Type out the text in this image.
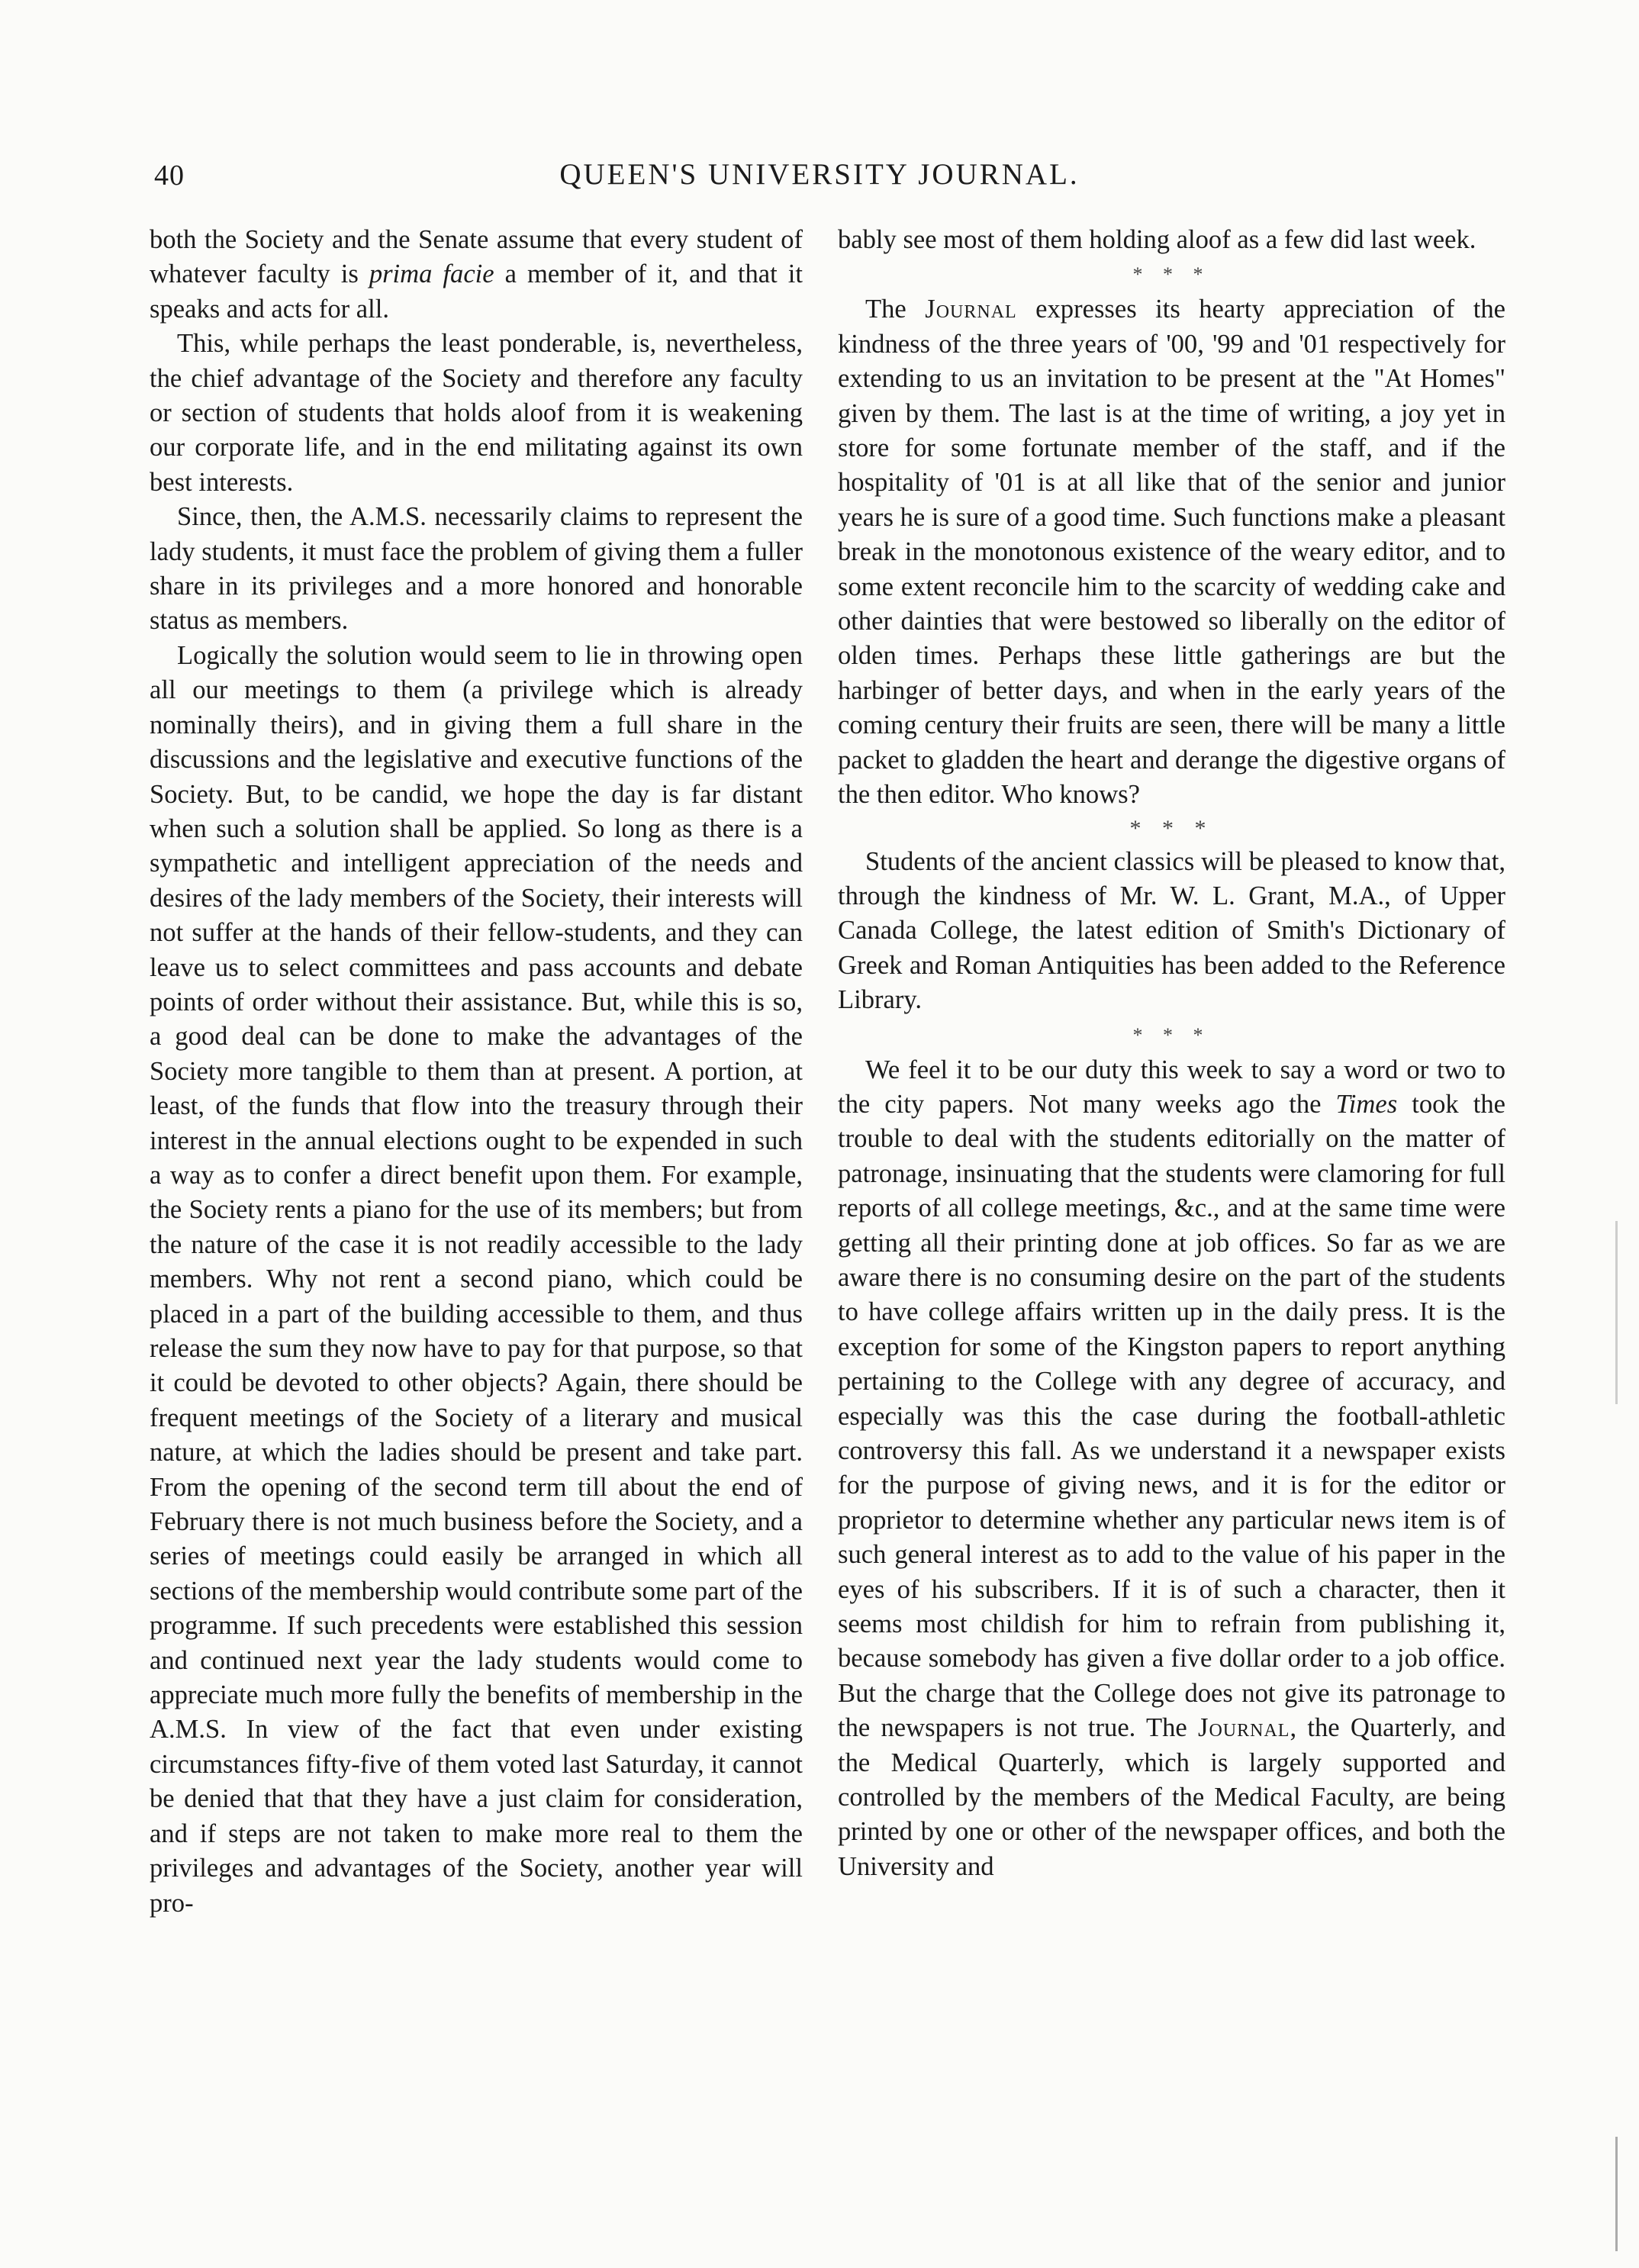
40	QUEEN'S UNIVERSITY JOURNAL.

both the Society and the Senate assume that every student of whatever faculty is prima facie a member of it, and that it speaks and acts for all.

This, while perhaps the least ponderable, is, nevertheless, the chief advantage of the Society and therefore any faculty or section of students that holds aloof from it is weakening our corporate life, and in the end militating against its own best interests.

Since, then, the A.M.S. necessarily claims to represent the lady students, it must face the problem of giving them a fuller share in its privileges and a more honored and honorable status as members.

Logically the solution would seem to lie in throwing open all our meetings to them (a privilege which is already nominally theirs), and in giving them a full share in the discussions and the legislative and executive functions of the Society. But, to be candid, we hope the day is far distant when such a solution shall be applied. So long as there is a sympathetic and intelligent appreciation of the needs and desires of the lady members of the Society, their interests will not suffer at the hands of their fellow-students, and they can leave us to select committees and pass accounts and debate points of order without their assistance. But, while this is so, a good deal can be done to make the advantages of the Society more tangible to them than at present. A portion, at least, of the funds that flow into the treasury through their interest in the annual elections ought to be expended in such a way as to confer a direct benefit upon them. For example, the Society rents a piano for the use of its members; but from the nature of the case it is not readily accessible to the lady members. Why not rent a second piano, which could be placed in a part of the building accessible to them, and thus release the sum they now have to pay for that purpose, so that it could be devoted to other objects? Again, there should be frequent meetings of the Society of a literary and musical nature, at which the ladies should be present and take part. From the opening of the second term till about the end of February there is not much business before the Society, and a series of meetings could easily be arranged in which all sections of the membership would contribute some part of the programme. If such precedents were established this session and continued next year the lady students would come to appreciate much more fully the benefits of membership in the A.M.S. In view of the fact that even under existing circumstances fifty-five of them voted last Saturday, it cannot be denied that that they have a just claim for consideration, and if steps are not taken to make more real to them the privileges and advantages of the Society, another year will pro-

bably see most of them holding aloof as a few did last week.

* * *

The Journal expresses its hearty appreciation of the kindness of the three years of '00, '99 and '01 respectively for extending to us an invitation to be present at the "At Homes" given by them. The last is at the time of writing, a joy yet in store for some fortunate member of the staff, and if the hospitality of '01 is at all like that of the senior and junior years he is sure of a good time. Such functions make a pleasant break in the monotonous existence of the weary editor, and to some extent reconcile him to the scarcity of wedding cake and other dainties that were bestowed so liberally on the editor of olden times. Perhaps these little gatherings are but the harbinger of better days, and when in the early years of the coming century their fruits are seen, there will be many a little packet to gladden the heart and derange the digestive organs of the then editor. Who knows?

* * *

Students of the ancient classics will be pleased to know that, through the kindness of Mr. W. L. Grant, M.A., of Upper Canada College, the latest edition of Smith's Dictionary of Greek and Roman Antiquities has been added to the Reference Library.

* * *

We feel it to be our duty this week to say a word or two to the city papers. Not many weeks ago the Times took the trouble to deal with the students editorially on the matter of patronage, insinuating that the students were clamoring for full reports of all college meetings, &c., and at the same time were getting all their printing done at job offices. So far as we are aware there is no consuming desire on the part of the students to have college affairs written up in the daily press. It is the exception for some of the Kingston papers to report anything pertaining to the College with any degree of accuracy, and especially was this the case during the football-athletic controversy this fall. As we understand it a newspaper exists for the purpose of giving news, and it is for the editor or proprietor to determine whether any particular news item is of such general interest as to add to the value of his paper in the eyes of his subscribers. If it is of such a character, then it seems most childish for him to refrain from publishing it, because somebody has given a five dollar order to a job office. But the charge that the College does not give its patronage to the newspapers is not true. The Journal, the Quarterly, and the Medical Quarterly, which is largely supported and controlled by the members of the Medical Faculty, are being printed by one or other of the newspaper offices, and both the University and
